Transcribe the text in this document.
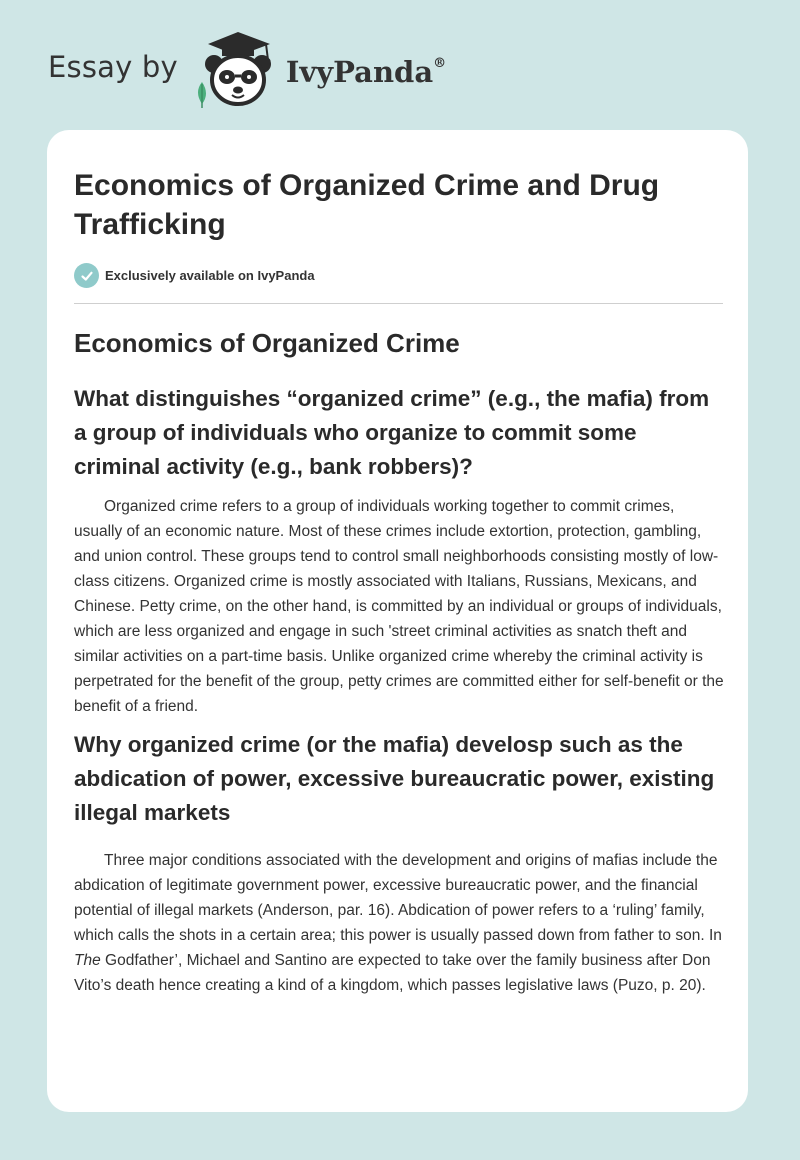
Essay by	IvyPanda®
Economics of Organized Crime and Drug Trafficking
Exclusively available on IvyPanda
Economics of Organized Crime
What distinguishes “organized crime” (e.g., the mafia) from a group of individuals who organize to commit some criminal activity (e.g., bank robbers)?

Organized crime refers to a group of individuals working together to commit crimes, usually of an economic nature. Most of these crimes include extortion, protection, gambling, and union control. These groups tend to control small neighborhoods consisting mostly of low-class citizens. Organized crime is mostly associated with Italians, Russians, Mexicans, and Chinese. Petty crime, on the other hand, is committed by an individual or groups of individuals, which are less organized and engage in such 'street criminal activities as snatch theft and similar activities on a part-time basis. Unlike organized crime whereby the criminal activity is perpetrated for the benefit of the group, petty crimes are committed either for self-benefit or the benefit of a friend.

Why organized crime (or the mafia) develosp such as the abdication of power, excessive bureaucratic power, existing illegal markets

Three major conditions associated with the development and origins of mafias include the abdication of legitimate government power, excessive bureaucratic power, and the financial potential of illegal markets (Anderson, par. 16). Abdication of power refers to a ‘ruling’ family, which calls the shots in a certain area; this power is usually passed down from father to son. In The Godfather’, Michael and Santino are expected to take over the family business after Don Vito’s death hence creating a kind of a kingdom, which passes legislative laws (Puzo, p. 20).
